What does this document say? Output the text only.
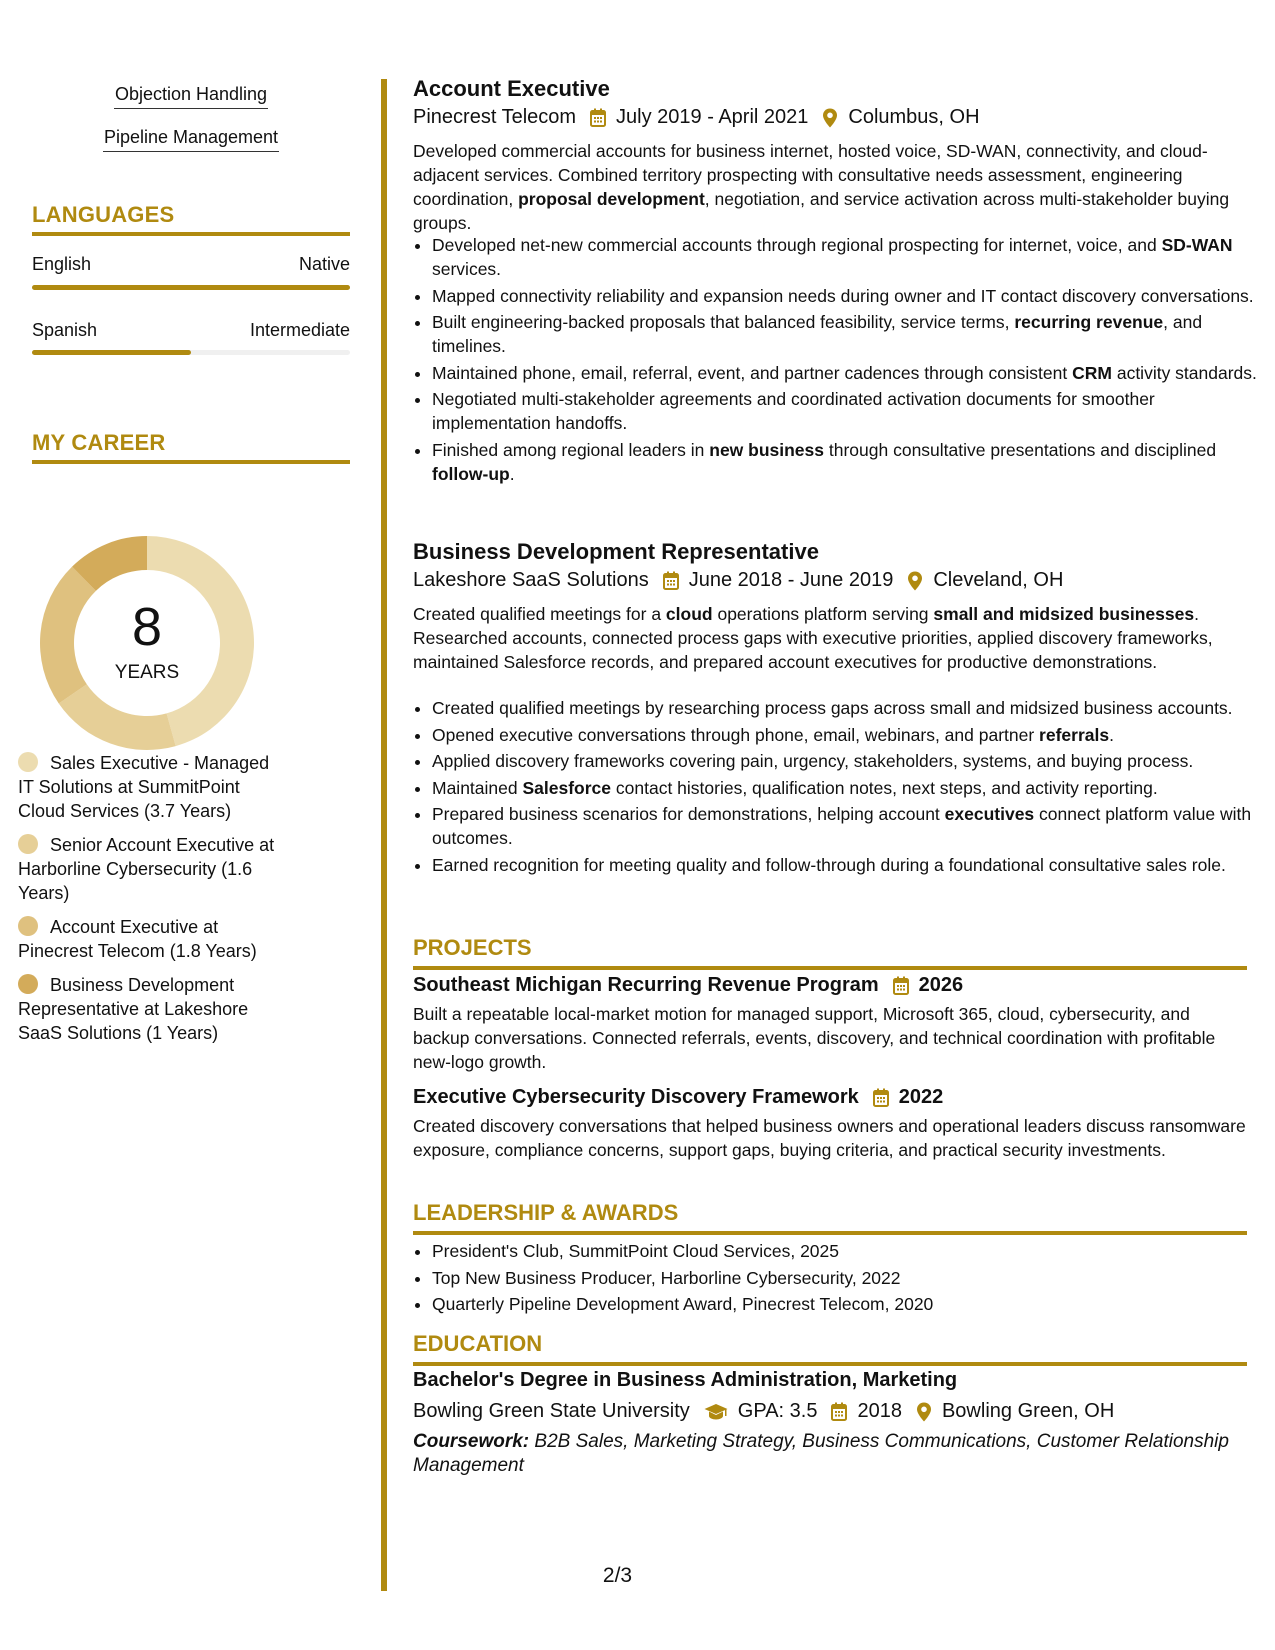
Objection Handling
Pipeline Management
LANGUAGES
English	Native
Spanish	Intermediate
MY CAREER
8
YEARS
Sales Executive - Managed IT Solutions at SummitPoint Cloud Services (3.7 Years)
Senior Account Executive at Harborline Cybersecurity (1.6 Years)
Account Executive at Pinecrest Telecom (1.8 Years)
Business Development Representative at Lakeshore SaaS Solutions (1 Years)
Account Executive
Pinecrest Telecom July 2019 - April 2021 Columbus, OH
Developed commercial accounts for business internet, hosted voice, SD-WAN, connectivity, and cloud-adjacent services. Combined territory prospecting with consultative needs assessment, engineering coordination, proposal development, negotiation, and service activation across multi-stakeholder buying groups.
• Developed net-new commercial accounts through regional prospecting for internet, voice, and SD-WAN services.
• Mapped connectivity reliability and expansion needs during owner and IT contact discovery conversations.
• Built engineering-backed proposals that balanced feasibility, service terms, recurring revenue, and timelines.
• Maintained phone, email, referral, event, and partner cadences through consistent CRM activity standards.
• Negotiated multi-stakeholder agreements and coordinated activation documents for smoother implementation handoffs.
• Finished among regional leaders in new business through consultative presentations and disciplined follow-up.
Business Development Representative
Lakeshore SaaS Solutions June 2018 - June 2019 Cleveland, OH
Created qualified meetings for a cloud operations platform serving small and midsized businesses. Researched accounts, connected process gaps with executive priorities, applied discovery frameworks, maintained Salesforce records, and prepared account executives for productive demonstrations.
• Created qualified meetings by researching process gaps across small and midsized business accounts.
• Opened executive conversations through phone, email, webinars, and partner referrals.
• Applied discovery frameworks covering pain, urgency, stakeholders, systems, and buying process.
• Maintained Salesforce contact histories, qualification notes, next steps, and activity reporting.
• Prepared business scenarios for demonstrations, helping account executives connect platform value with outcomes.
• Earned recognition for meeting quality and follow-through during a foundational consultative sales role.
PROJECTS
Southeast Michigan Recurring Revenue Program 2026
Built a repeatable local-market motion for managed support, Microsoft 365, cloud, cybersecurity, and backup conversations. Connected referrals, events, discovery, and technical coordination with profitable new-logo growth.
Executive Cybersecurity Discovery Framework 2022
Created discovery conversations that helped business owners and operational leaders discuss ransomware exposure, compliance concerns, support gaps, buying criteria, and practical security investments.
LEADERSHIP & AWARDS
• President's Club, SummitPoint Cloud Services, 2025
• Top New Business Producer, Harborline Cybersecurity, 2022
• Quarterly Pipeline Development Award, Pinecrest Telecom, 2020
EDUCATION
Bachelor's Degree in Business Administration, Marketing
Bowling Green State University GPA: 3.5 2018 Bowling Green, OH
Coursework: B2B Sales, Marketing Strategy, Business Communications, Customer Relationship Management
2/3
